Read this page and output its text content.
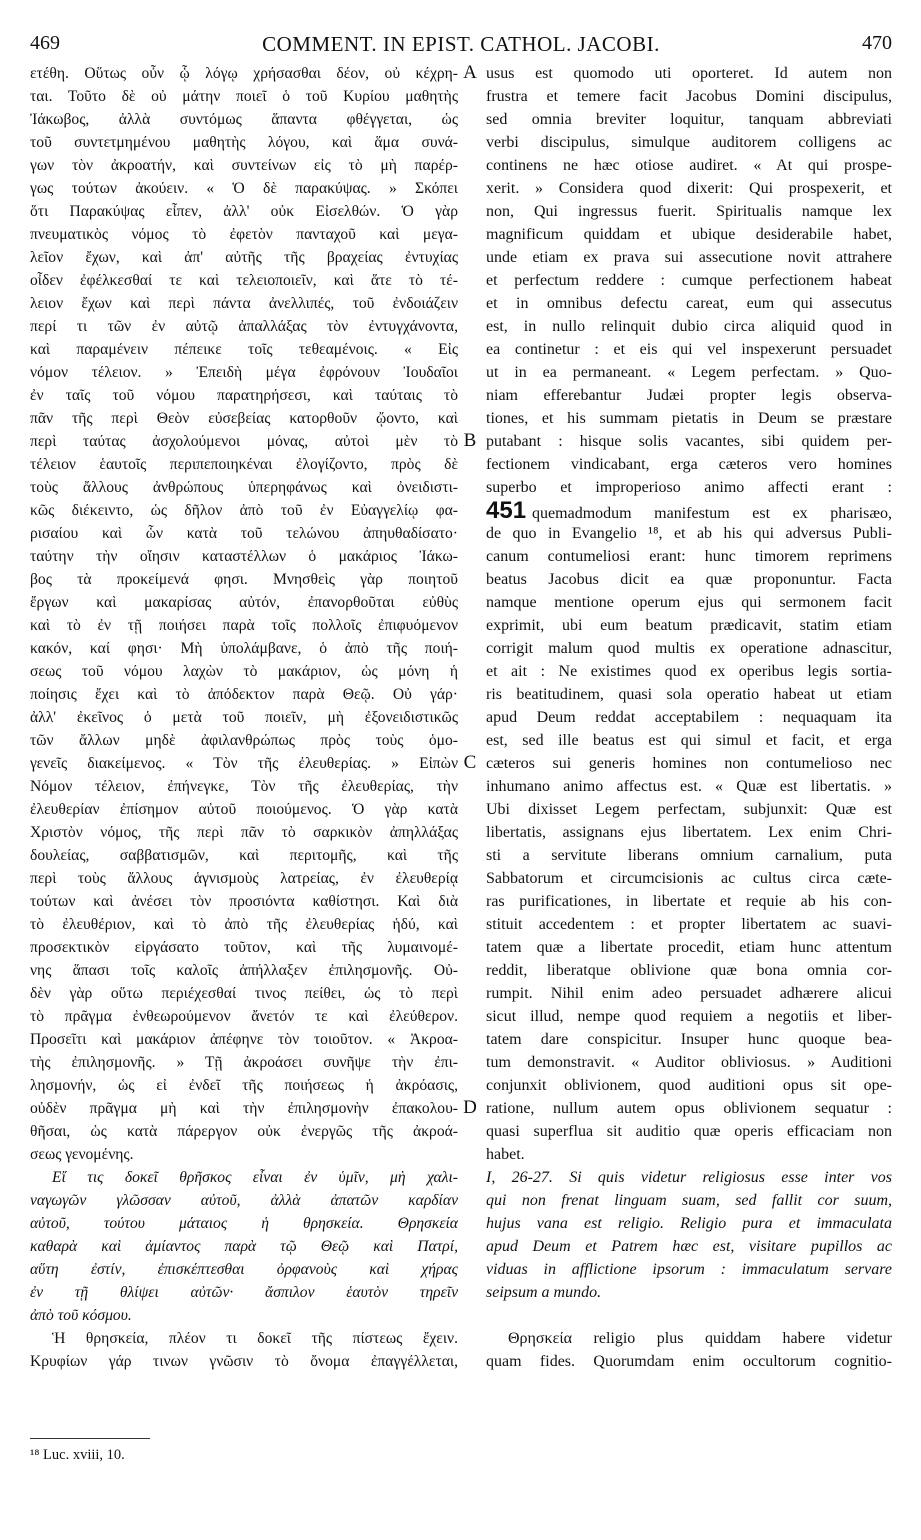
469	COMMENT. IN EPIST. CATHOL. JACOBI.	470
ετέθη. Οὕτως οὖν ᾧ λόγῳ χρήσασθαι δέον, οὐ κέχρη-
ται. Τοῦτο δὲ οὐ μάτην ποιεῖ ὁ τοῦ Κυρίου μαθητὴς
Ἰάκωβος, ἀλλὰ συντόμως ἅπαντα φθέγγεται, ὡς
τοῦ συντετμημένου μαθητὴς λόγου, καὶ ἅμα συνά-
γων τὸν ἀκροατήν, καὶ συντείνων εἰς τὸ μὴ παρέρ-
γως τούτων ἀκούειν. « Ὁ δὲ παρακύψας. » Σκόπει
ὅτι Παρακύψας εἶπεν, ἀλλ' οὐκ Εἰσελθών. Ὁ γὰρ
πνευματικὸς νόμος τὸ ἐφετὸν πανταχοῦ καὶ μεγα-
λεῖον ἔχων, καὶ ἀπ' αὐτῆς τῆς βραχείας ἐντυχίας
οἶδεν ἐφέλκεσθαί τε καὶ τελειοποιεῖν, καὶ ἅτε τὸ τέ-
λειον ἔχων καὶ περὶ πάντα ἀνελλιπές, τοῦ ἐνδοιάζειν
περί τι τῶν ἐν αὐτῷ ἀπαλλάξας τὸν ἐντυγχάνοντα,
καὶ παραμένειν πέπεικε τοῖς τεθεαμένοις. « Εἰς
νόμον τέλειον. » Ἐπειδὴ μέγα ἐφρόνουν Ἰουδαῖοι
ἐν ταῖς τοῦ νόμου παρατηρήσεσι, καὶ ταύταις τὸ
πᾶν τῆς περὶ Θεὸν εὐσεβείας κατορθοῦν ᾤοντο, καὶ
περὶ ταύτας ἀσχολούμενοι μόνας, αὐτοὶ μὲν τὸ
τέλειον ἑαυτοῖς περιπεποιηκέναι ἐλογίζοντο, πρὸς δὲ
τοὺς ἄλλους ἀνθρώπους ὑπερηφάνως καὶ ὀνειδιστι-
κῶς διέκειντο, ὡς δῆλον ἀπὸ τοῦ ἐν Εὐαγγελίῳ φα-
ρισαίου καὶ ὧν κατὰ τοῦ τελώνου ἀπηυθαδίσατο·
ταύτην τὴν οἴησιν καταστέλλων ὁ μακάριος Ἰάκω-
βος τὰ προκείμενά φησι. Μνησθεὶς γὰρ ποιητοῦ
ἔργων καὶ μακαρίσας αὐτόν, ἐπανορθοῦται εὐθὺς
καὶ τὸ ἐν τῇ ποιήσει παρὰ τοῖς πολλοῖς ἐπιφυόμενον
κακόν, καί φησι· Μὴ ὑπολάμβανε, ὁ ἀπὸ τῆς ποιή-
σεως τοῦ νόμου λαχὼν τὸ μακάριον, ὡς μόνη ἡ
ποίησις ἔχει καὶ τὸ ἀπόδεκτον παρὰ Θεῷ. Οὐ γάρ·
ἀλλ' ἐκεῖνος ὁ μετὰ τοῦ ποιεῖν, μὴ ἐξονειδιστικῶς
τῶν ἄλλων μηδὲ ἀφιλανθρώπως πρὸς τοὺς ὁμο-
γενεῖς διακείμενος. « Τὸν τῆς ἐλευθερίας. » Εἰπὼν
Νόμον τέλειον, ἐπήνεγκε, Τὸν τῆς ἐλευθερίας, τὴν
ἐλευθερίαν ἐπίσημον αὐτοῦ ποιούμενος. Ὁ γὰρ κατὰ
Χριστὸν νόμος, τῆς περὶ πᾶν τὸ σαρκικὸν ἀπηλλάξας
δουλείας, σαββατισμῶν, καὶ περιτομῆς, καὶ τῆς
περὶ τοὺς ἄλλους ἁγνισμοὺς λατρείας, ἐν ἐλευθερίᾳ
τούτων καὶ ἀνέσει τὸν προσιόντα καθίστησι. Καὶ διὰ
τὸ ἐλευθέριον, καὶ τὸ ἀπὸ τῆς ἐλευθερίας ἡδύ, καὶ
προσεκτικὸν εἰργάσατο τοῦτον, καὶ τῆς λυμαινομέ-
νης ἅπασι τοῖς καλοῖς ἀπήλλαξεν ἐπιλησμονῆς. Οὐ-
δὲν γὰρ οὕτω περιέχεσθαί τινος πείθει, ὡς τὸ περὶ
τὸ πρᾶγμα ἐνθεωρούμενον ἄνετόν τε καὶ ἐλεύθερον.
Προσεῖτι καὶ μακάριον ἀπέφηνε τὸν τοιοῦτον. « Ἀκροα-
τὴς ἐπιλησμονῆς. » Τῇ ἀκροάσει συνῆψε τὴν ἐπι-
λησμονήν, ὡς εἰ ἐνδεῖ τῆς ποιήσεως ἡ ἀκρόασις,
οὐδὲν πρᾶγμα μὴ καὶ τὴν ἐπιλησμονὴν ἐπακολου-
θῆσαι, ὡς κατὰ πάρεργον οὐκ ἐνεργῶς τῆς ἀκροά-
σεως γενομένης.
Εἴ τις δοκεῖ θρῆσκος εἶναι ἐν ὑμῖν, μὴ χαλι-
ναγωγῶν γλῶσσαν αὐτοῦ, ἀλλὰ ἀπατῶν καρδίαν
αὐτοῦ, τούτου μάταιος ἡ θρησκεία. Θρησκεία
καθαρὰ καὶ ἀμίαντος παρὰ τῷ Θεῷ καὶ Πατρί,
αὕτη ἐστίν, ἐπισκέπτεσθαι ὀρφανοὺς καὶ χήρας
ἐν τῇ θλίψει αὐτῶν· ἄσπιλον ἑαυτὸν τηρεῖν
ἀπὸ τοῦ κόσμου.
Ἡ θρησκεία, πλέον τι δοκεῖ τῆς πίστεως ἔχειν.
Κρυφίων γάρ τινων γνῶσιν τὸ ὄνομα ἐπαγγέλλεται,
usus est quomodo uti oporteret. Id autem non
frustra et temere facit Jacobus Domini discipulus,
sed omnia breviter loquitur, tanquam abbreviati
verbi discipulus, simulque auditorem colligens ac
continens ne hæc otiose audiret. « At qui prospe-
xerit. » Considera quod dixerit: Qui prospexerit, et
non, Qui ingressus fuerit. Spiritualis namque lex
magnificum quiddam et ubique desiderabile habet,
unde etiam ex prava sui assecutione novit attrahere
et perfectum reddere : cumque perfectionem habeat
et in omnibus defectu careat, eum qui assecutus
est, in nullo relinquit dubio circa aliquid quod in
ea continetur : et eis qui vel inspexerunt persuadet
ut in ea permaneant. « Legem perfectam. » Quo-
niam efferebantur Judæi propter legis observa-
tiones, et his summam pietatis in Deum se præstare
putabant : hisque solis vacantes, sibi quidem per-
fectionem vindicabant, erga cæteros vero homines
superbo et improperioso animo affecti erant :
451 quemadmodum manifestum est ex pharisæo,
de quo in Evangelio ¹⁸, et ab his qui adversus Publi-
canum contumeliosi erant: hunc timorem reprimens
beatus Jacobus dicit ea quæ proponuntur. Facta
namque mentione operum ejus qui sermonem facit
exprimit, ubi eum beatum prædicavit, statim etiam
corrigit malum quod multis ex operatione adnascitur,
et ait : Ne existimes quod ex operibus legis sortia-
ris beatitudinem, quasi sola operatio habeat ut etiam
apud Deum reddat acceptabilem : nequaquam ita
est, sed ille beatus est qui simul et facit, et erga
cæteros sui generis homines non contumelioso nec
inhumano animo affectus est. « Quæ est libertatis. »
Ubi dixisset Legem perfectam, subjunxit: Quæ est
libertatis, assignans ejus libertatem. Lex enim Chri-
sti a servitute liberans omnium carnalium, puta
Sabbatorum et circumcisionis ac cultus circa cæte-
ras purificationes, in libertate et requie ab his con-
stituit accedentem : et propter libertatem ac suavi-
tatem quæ a libertate procedit, etiam hunc attentum
reddit, liberatque oblivione quæ bona omnia cor-
rumpit. Nihil enim adeo persuadet adhærere alicui
sicut illud, nempe quod requiem a negotiis et liber-
tatem dare conspicitur. Insuper hunc quoque bea-
tum demonstravit. « Auditor obliviosus. » Auditioni
conjunxit oblivionem, quod auditioni opus sit ope-
ratione, nullum autem opus oblivionem sequatur :
quasi superflua sit auditio quæ operis efficaciam non
habet.
I, 26-27. Si quis videtur religiosus esse inter vos
qui non frenat linguam suam, sed fallit cor suum,
hujus vana est religio. Religio pura et immaculata
apud Deum et Patrem hæc est, visitare pupillos ac
viduas in afflictione ipsorum : immaculatum servare
seipsum a mundo.
Θρησκεία religio plus quiddam habere videtur
quam fides. Quorumdam enim occultorum cognitio-
A
B
C
D
¹⁸ Luc. xviii, 10.
